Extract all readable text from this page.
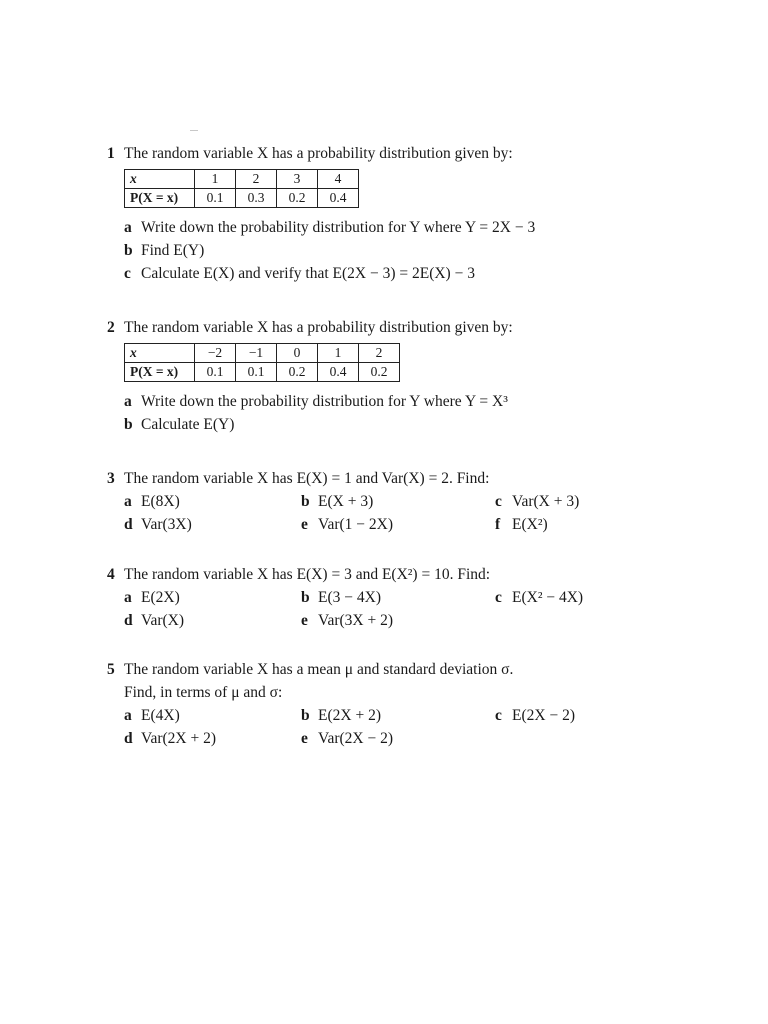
1 The random variable X has a probability distribution given by:
x	1	2	3	4
P(X = x)	0.1	0.3	0.2	0.4
a Write down the probability distribution for Y where Y = 2X − 3
b Find E(Y)
c Calculate E(X) and verify that E(2X − 3) = 2E(X) − 3
2 The random variable X has a probability distribution given by:
x	−2	−1	0	1	2
P(X = x)	0.1	0.1	0.2	0.4	0.2
a Write down the probability distribution for Y where Y = X³
b Calculate E(Y)
3 The random variable X has E(X) = 1 and Var(X) = 2. Find:
a E(8X)	b E(X + 3)	c Var(X + 3)
d Var(3X)	e Var(1 − 2X)	f E(X²)
4 The random variable X has E(X) = 3 and E(X²) = 10. Find:
a E(2X)	b E(3 − 4X)	c E(X² − 4X)
d Var(X)	e Var(3X + 2)
5 The random variable X has a mean μ and standard deviation σ.
Find, in terms of μ and σ:
a E(4X)	b E(2X + 2)	c E(2X − 2)
d Var(2X + 2)	e Var(2X − 2)
